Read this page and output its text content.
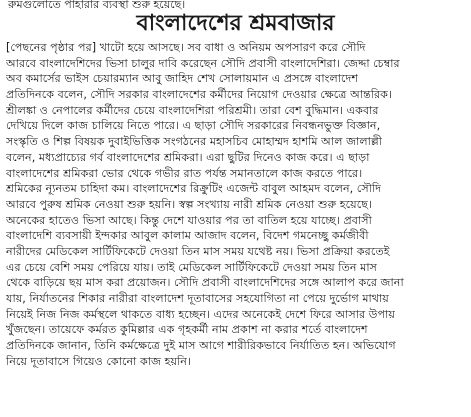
রুমগুলোতে পাহারার ব্যবস্থা শুরু হয়েছে।
বাংলাদেশের শ্রমবাজার
[পেছনের পৃষ্ঠার পর] খাটো হয়ে আসছে। সব বাধা ও অনিয়ম অপসারণ করে সৌদি
আরবে বাংলাদেশিদের ভিসা চালুর দাবি করেছেন সৌদি প্রবাসী বাংলাদেশিরা। জেদ্দা চেম্বার
অব কমার্সের ভাইস চেয়ারম্যান আবু জাহিদ শেখ সোলায়মান এ প্রসঙ্গে বাংলাদেশ
প্রতিদিনকে বলেন, সৌদি সরকার বাংলাদেশের কর্মীদের নিয়োগ দেওয়ার ক্ষেত্রে আন্তরিক।
শ্রীলঙ্কা ও নেপালের কর্মীদের চেয়ে বাংলাদেশিরা পরিশ্রমী। তারা বেশ বুদ্ধিমান। একবার
দেখিয়ে দিলে কাজ চালিয়ে নিতে পারে। এ ছাড়া সৌদি সরকারের নিবন্ধনভুক্ত বিজ্ঞান,
সংস্কৃতি ও শিল্প বিষয়ক দুবাইভিত্তিক সংগঠনের মহাসচিব মোহাম্মদ হাশমি আল জালাল্লী
বলেন, মধ্যপ্রাচ্যের গর্ব বাংলাদেশের শ্রমিকরা। এরা ছুটির দিনেও কাজ করে। এ ছাড়া
বাংলাদেশের শ্রমিকরা ভোর থেকে গভীর রাত পর্যন্ত সমানতালে কাজ করতে পারে।
শ্রমিকের ন্যূনতম চাহিদা কম। বাংলাদেশের রিক্রুটিং এজেন্ট বাবুল আহমদ বলেন, সৌদি
আরবে পুরুষ শ্রমিক নেওয়া শুরু হয়নি। স্বল্প সংখ্যায় নারী শ্রমিক নেওয়া শুরু হয়েছে।
অনেকের হাতেও ভিসা আছে। কিন্তু দেশে যাওয়ার পর তা বাতিল হয়ে যাচ্ছে। প্রবাসী
বাংলাদেশি ব্যবসায়ী ইন্দকার আবুল কালাম আজাদ বলেন, বিদেশ গমনেচ্ছু কর্মজীবী
নারীদের মেডিকেল সার্টিফিকেটে দেওয়া তিন মাস সময় যথেষ্ট নয়। ভিসা প্রক্রিয়া করতেই
এর চেয়ে বেশি সময় পেরিয়ে যায়। তাই মেডিকেল সার্টিফিকেটে দেওয়া সময় তিন মাস
থেকে বাড়িয়ে ছয় মাস করা প্রয়োজন। সৌদি প্রবাসী বাংলাদেশিদের সঙ্গে আলাপ করে জানা
যায়, নির্যাতনের শিকার নারীরা বাংলাদেশ দূতাবাসের সহযোগিতা না পেয়ে দুর্ভোগ মাথায়
নিয়েই নিজ নিজ কর্মস্থলে থাকতে বাধ্য হচ্ছেন। এদের অনেকেই দেশে ফিরে আসার উপায়
খুঁজছেন। তায়েফে কর্মরত কুমিল্লার এক গৃহকর্মী নাম প্রকাশ না করার শর্তে বাংলাদেশ
প্রতিদিনকে জানান, তিনি কর্মক্ষেত্রে দুই মাস আগে শারীরিকভাবে নির্যাতিত হন। অভিযোগ
নিয়ে দূতাবাসে গিয়েও কোনো কাজ হয়নি।
